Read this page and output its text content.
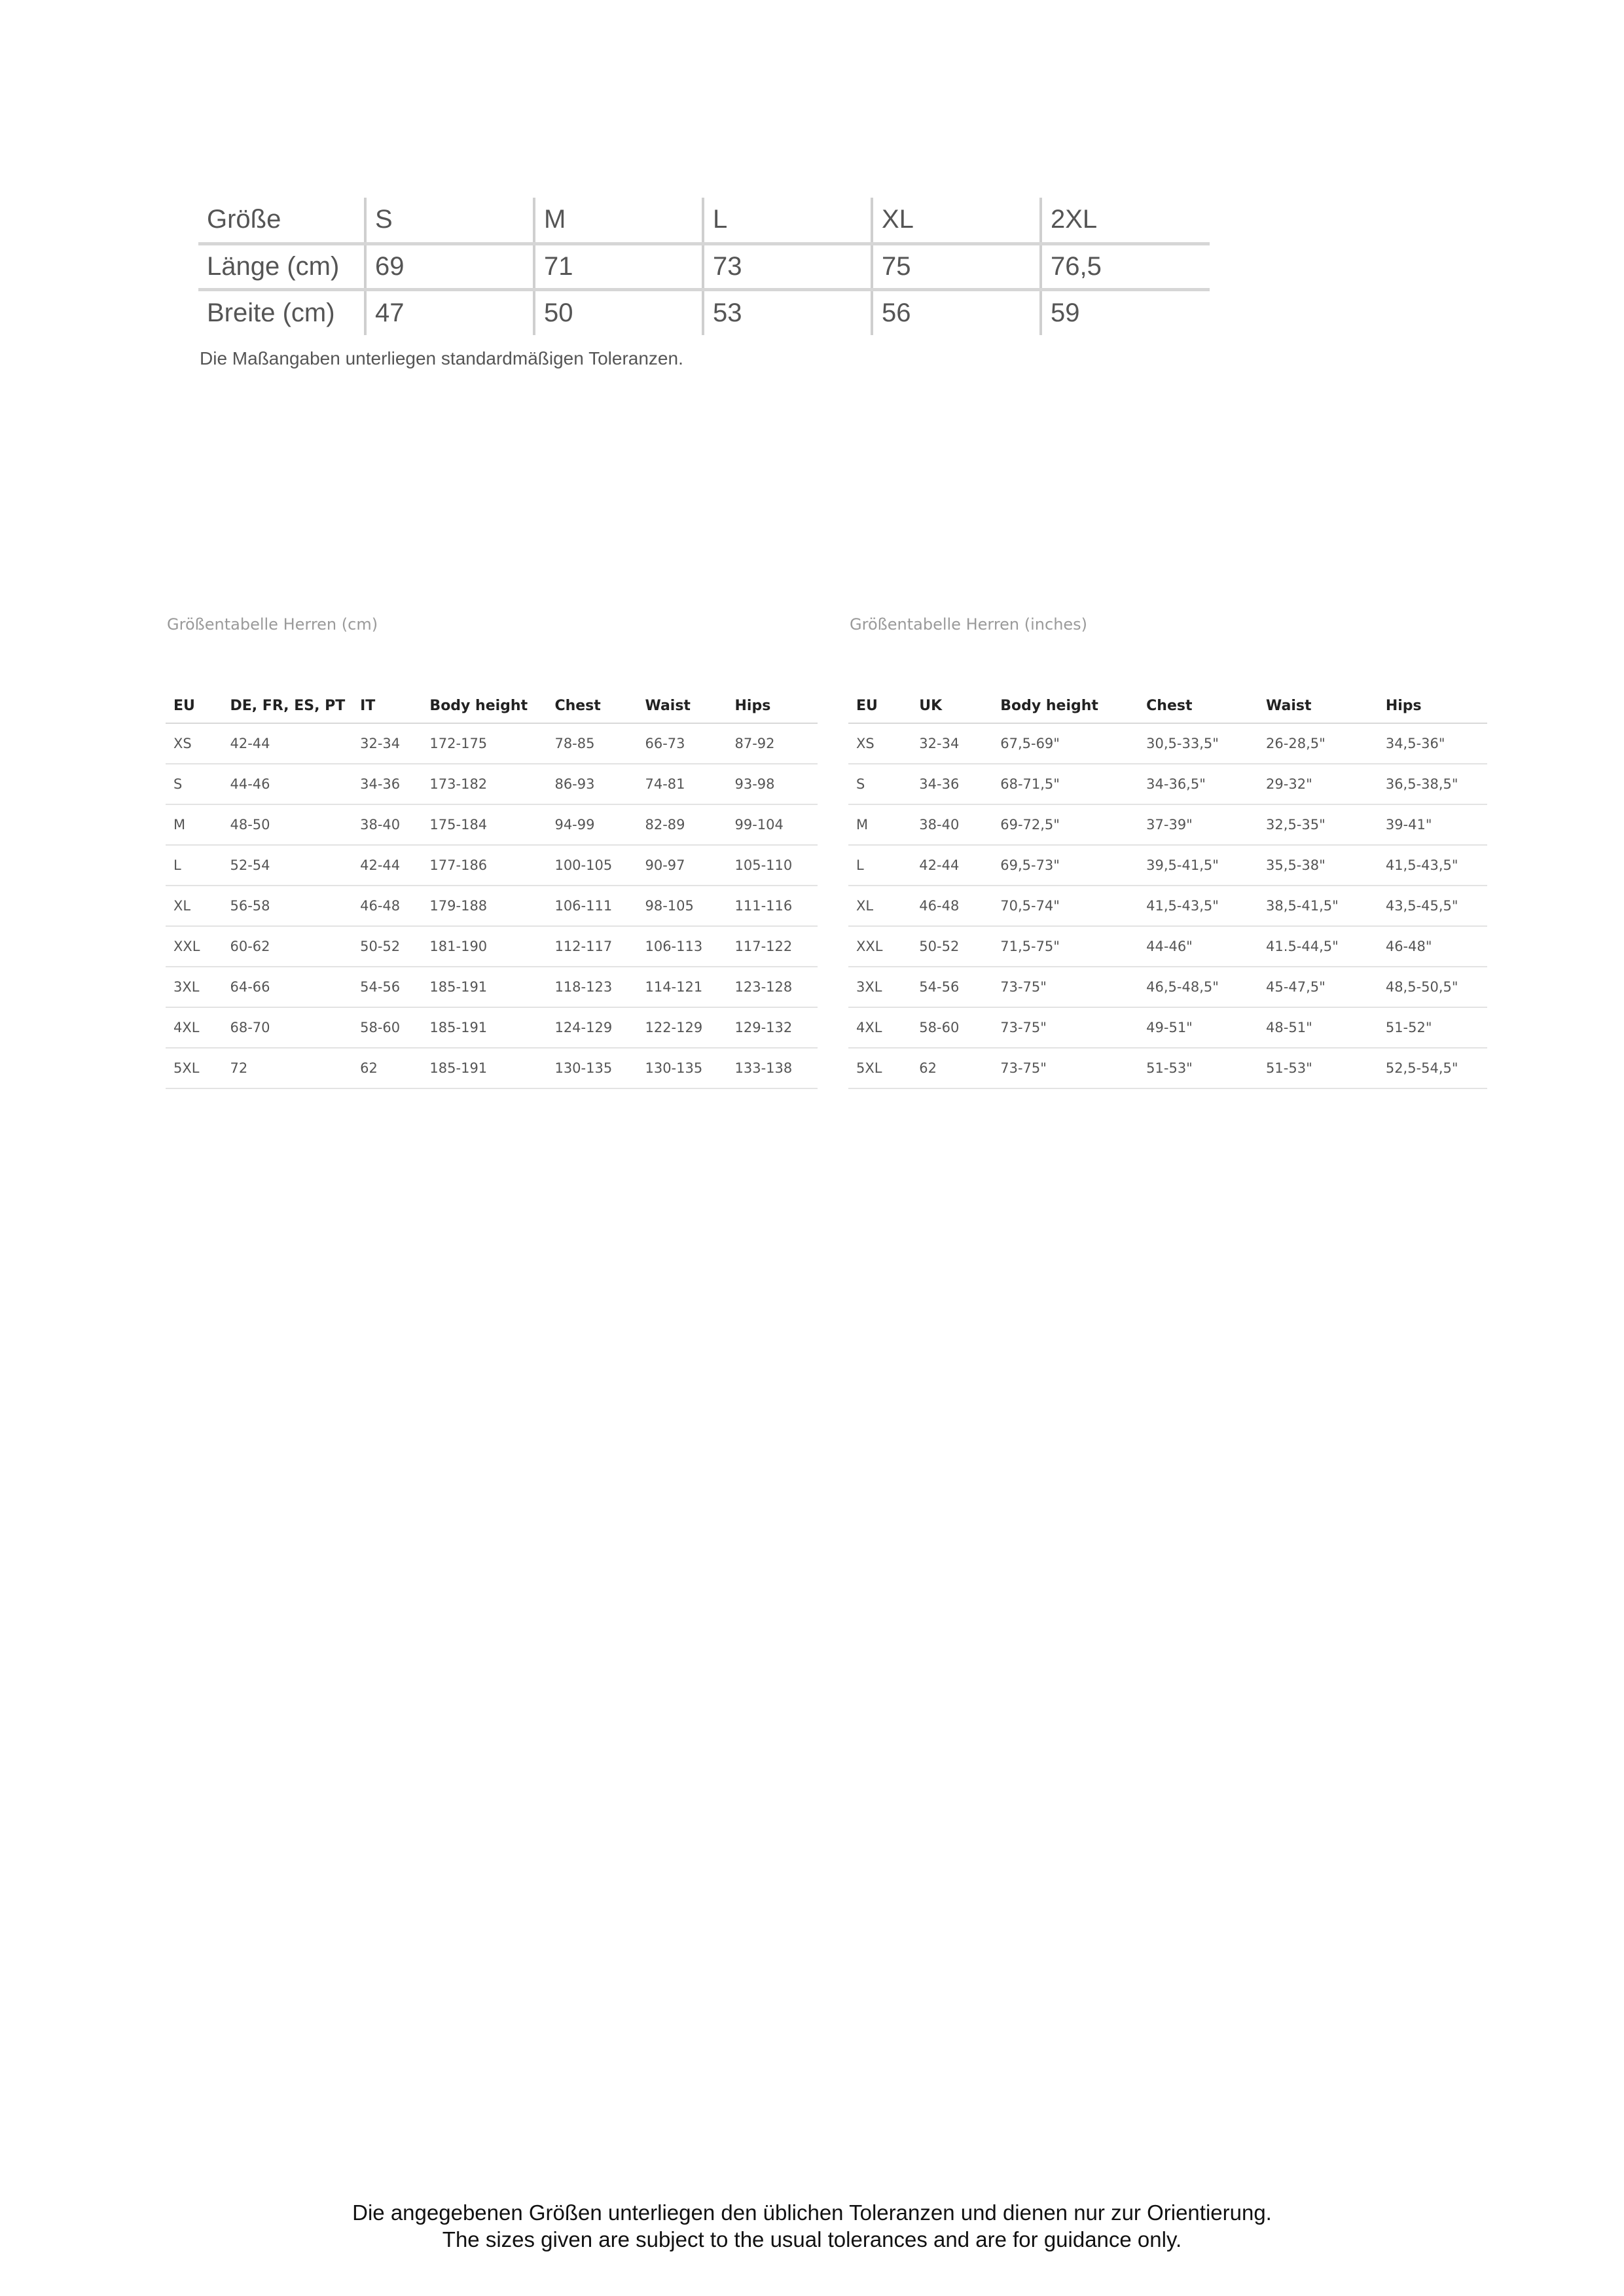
Größe	S	M	L	XL	2XL
Länge (cm)	69	71	73	75	76,5
Breite (cm)	47	50	53	56	59
Die Maßangaben unterliegen standardmäßigen Toleranzen.
Größentabelle Herren (cm)
EU	DE, FR, ES, PT	IT	Body height	Chest	Waist	Hips
XS	42-44	32-34	172-175	78-85	66-73	87-92
S	44-46	34-36	173-182	86-93	74-81	93-98
M	48-50	38-40	175-184	94-99	82-89	99-104
L	52-54	42-44	177-186	100-105	90-97	105-110
XL	56-58	46-48	179-188	106-111	98-105	111-116
XXL	60-62	50-52	181-190	112-117	106-113	117-122
3XL	64-66	54-56	185-191	118-123	114-121	123-128
4XL	68-70	58-60	185-191	124-129	122-129	129-132
5XL	72	62	185-191	130-135	130-135	133-138
Größentabelle Herren (inches)
EU	UK	Body height	Chest	Waist	Hips
XS	32-34	67,5-69"	30,5-33,5"	26-28,5"	34,5-36"
S	34-36	68-71,5"	34-36,5"	29-32"	36,5-38,5"
M	38-40	69-72,5"	37-39"	32,5-35"	39-41"
L	42-44	69,5-73"	39,5-41,5"	35,5-38"	41,5-43,5"
XL	46-48	70,5-74"	41,5-43,5"	38,5-41,5"	43,5-45,5"
XXL	50-52	71,5-75"	44-46"	41.5-44,5"	46-48"
3XL	54-56	73-75"	46,5-48,5"	45-47,5"	48,5-50,5"
4XL	58-60	73-75"	49-51"	48-51"	51-52"
5XL	62	73-75"	51-53"	51-53"	52,5-54,5"
Die angegebenen Größen unterliegen den üblichen Toleranzen und dienen nur zur Orientierung.
The sizes given are subject to the usual tolerances and are for guidance only.
